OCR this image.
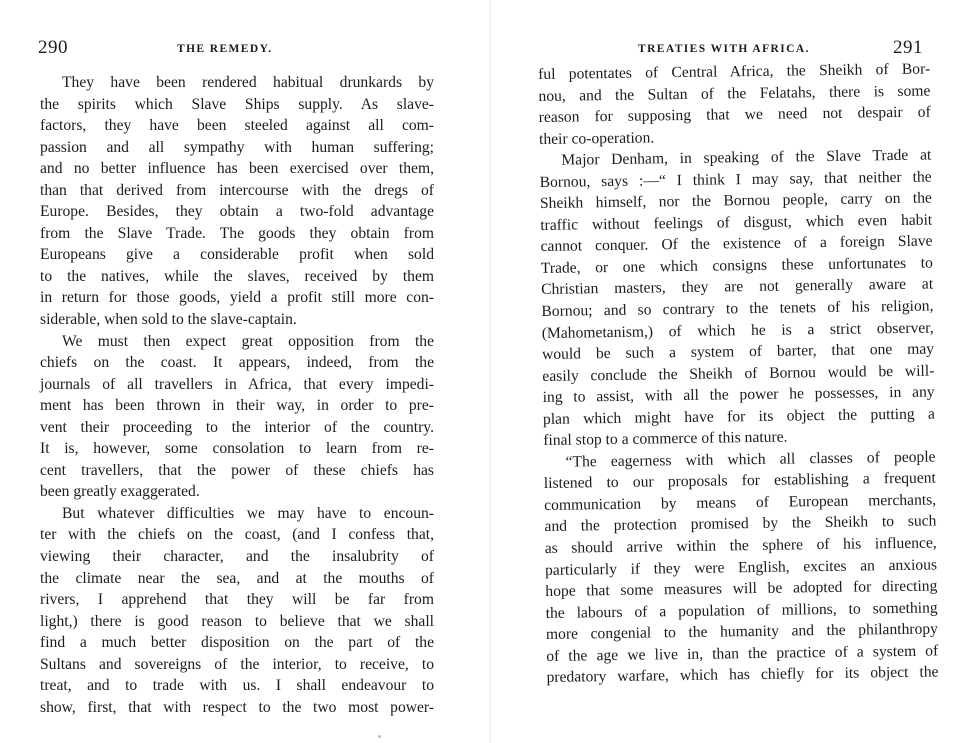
290	THE REMEDY.
They have been rendered habitual drunkards by
the spirits which Slave Ships supply. As slave-
factors, they have been steeled against all com-
passion and all sympathy with human suffering;
and no better influence has been exercised over them,
than that derived from intercourse with the dregs of
Europe. Besides, they obtain a two-fold advantage
from the Slave Trade. The goods they obtain from
Europeans give a considerable profit when sold
to the natives, while the slaves, received by them
in return for those goods, yield a profit still more con-
siderable, when sold to the slave-captain.
We must then expect great opposition from the
chiefs on the coast. It appears, indeed, from the
journals of all travellers in Africa, that every impedi-
ment has been thrown in their way, in order to pre-
vent their proceeding to the interior of the country.
It is, however, some consolation to learn from re-
cent travellers, that the power of these chiefs has
been greatly exaggerated.
But whatever difficulties we may have to encoun-
ter with the chiefs on the coast, (and I confess that,
viewing their character, and the insalubrity of
the climate near the sea, and at the mouths of
rivers, I apprehend that they will be far from
light,) there is good reason to believe that we shall
find a much better disposition on the part of the
Sultans and sovereigns of the interior, to receive, to
treat, and to trade with us. I shall endeavour to
show, first, that with respect to the two most power-
TREATIES WITH AFRICA.	291
ful potentates of Central Africa, the Sheikh of Bor-
nou, and the Sultan of the Felatahs, there is some
reason for supposing that we need not despair of
their co-operation.
Major Denham, in speaking of the Slave Trade at
Bornou, says :—“ I think I may say, that neither the
Sheikh himself, nor the Bornou people, carry on the
traffic without feelings of disgust, which even habit
cannot conquer. Of the existence of a foreign Slave
Trade, or one which consigns these unfortunates to
Christian masters, they are not generally aware at
Bornou; and so contrary to the tenets of his religion,
(Mahometanism,) of which he is a strict observer,
would be such a system of barter, that one may
easily conclude the Sheikh of Bornou would be will-
ing to assist, with all the power he possesses, in any
plan which might have for its object the putting a
final stop to a commerce of this nature.
“The eagerness with which all classes of people
listened to our proposals for establishing a frequent
communication by means of European merchants,
and the protection promised by the Sheikh to such
as should arrive within the sphere of his influence,
particularly if they were English, excites an anxious
hope that some measures will be adopted for directing
the labours of a population of millions, to something
more congenial to the humanity and the philanthropy
of the age we live in, than the practice of a system of
predatory warfare, which has chiefly for its object the
